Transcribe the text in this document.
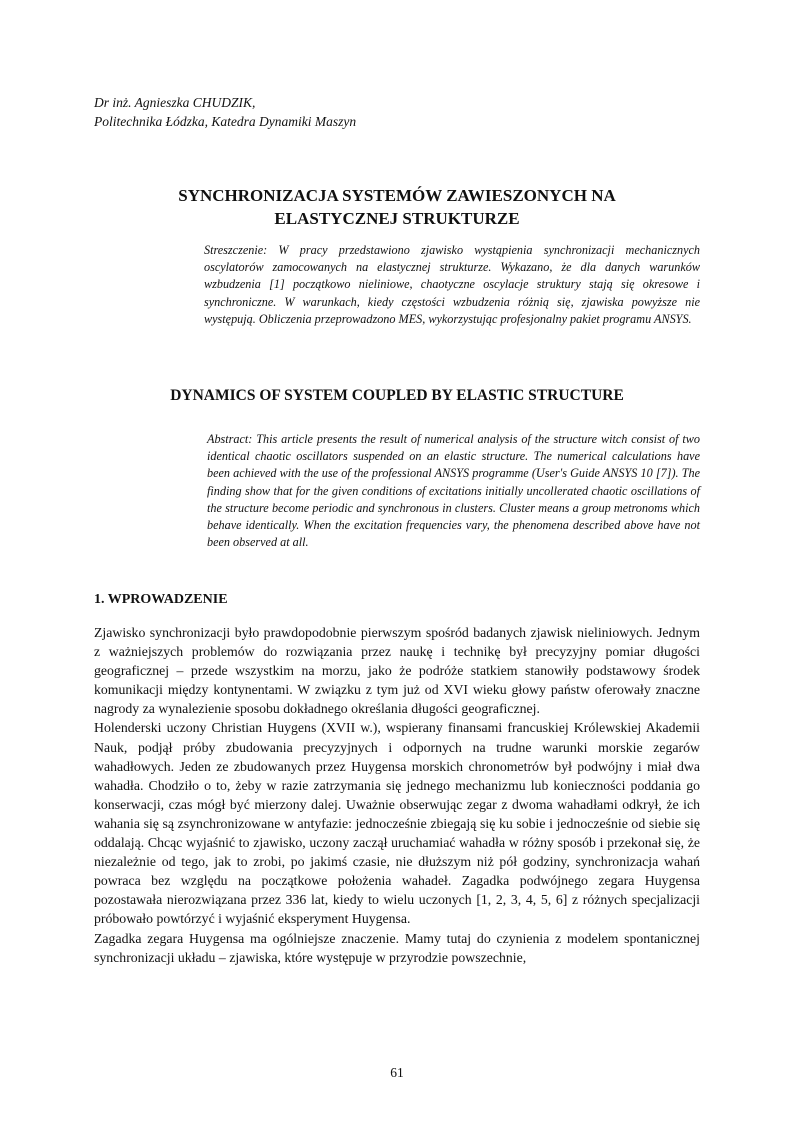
Dr inż. Agnieszka CHUDZIK,
Politechnika Łódzka, Katedra Dynamiki Maszyn
SYNCHRONIZACJA SYSTEMÓW ZAWIESZONYCH NA
ELASTYCZNEJ STRUKTURZE

Streszczenie: W pracy przedstawiono zjawisko wystąpienia synchronizacji mechanicznych oscylatorów zamocowanych na elastycznej strukturze. Wykazano, że dla danych warunków wzbudzenia [1] początkowo nieliniowe, chaotyczne oscylacje struktury stają się okresowe i synchroniczne. W warunkach, kiedy częstości wzbudzenia różnią się, zjawiska powyższe nie występują. Obliczenia przeprowadzono MES, wykorzystując profesjonalny pakiet programu ANSYS.

DYNAMICS OF SYSTEM COUPLED BY ELASTIC STRUCTURE

Abstract: This article presents the result of numerical analysis of the structure witch consist of two identical chaotic oscillators suspended on an elastic structure. The numerical calculations have been achieved with the use of the professional ANSYS programme (User's Guide ANSYS 10 [7]). The finding show that for the given conditions of excitations initially uncollerated chaotic oscillations of the structure become periodic and synchronous in clusters. Cluster means a group metronoms which behave identically. When the excitation frequencies vary, the phenomena described above have not been observed at all.

1. WPROWADZENIE

Zjawisko synchronizacji było prawdopodobnie pierwszym spośród badanych zjawisk nieliniowych. Jednym z ważniejszych problemów do rozwiązania przez naukę i technikę był precyzyjny pomiar długości geograficznej – przede wszystkim na morzu, jako że podróże statkiem stanowiły podstawowy środek komunikacji między kontynentami. W związku z tym już od XVI wieku głowy państw oferowały znaczne nagrody za wynalezienie sposobu dokładnego określania długości geograficznej.

Holenderski uczony Christian Huygens (XVII w.), wspierany finansami francuskiej Królewskiej Akademii Nauk, podjął próby zbudowania precyzyjnych i odpornych na trudne warunki morskie zegarów wahadłowych. Jeden ze zbudowanych przez Huygensa morskich chronometrów był podwójny i miał dwa wahadła. Chodziło o to, żeby w razie zatrzymania się jednego mechanizmu lub konieczności poddania go konserwacji, czas mógł być mierzony dalej. Uważnie obserwując zegar z dwoma wahadłami odkrył, że ich wahania się są zsynchronizowane w antyfazie: jednocześnie zbiegają się ku sobie i jednocześnie od siebie się oddalają. Chcąc wyjaśnić to zjawisko, uczony zaczął uruchamiać wahadła w różny sposób i przekonał się, że niezależnie od tego, jak to zrobi, po jakimś czasie, nie dłuższym niż pół godziny, synchronizacja wahań powraca bez względu na początkowe położenia wahadeł. Zagadka podwójnego zegara Huygensa pozostawała nierozwiązana przez 336 lat, kiedy to wielu uczonych [1, 2, 3, 4, 5, 6] z różnych specjalizacji próbowało powtórzyć i wyjaśnić eksperyment Huygensa.

Zagadka zegara Huygensa ma ogólniejsze znaczenie. Mamy tutaj do czynienia z modelem spontanicznej synchronizacji układu – zjawiska, które występuje w przyrodzie powszechnie,

61
